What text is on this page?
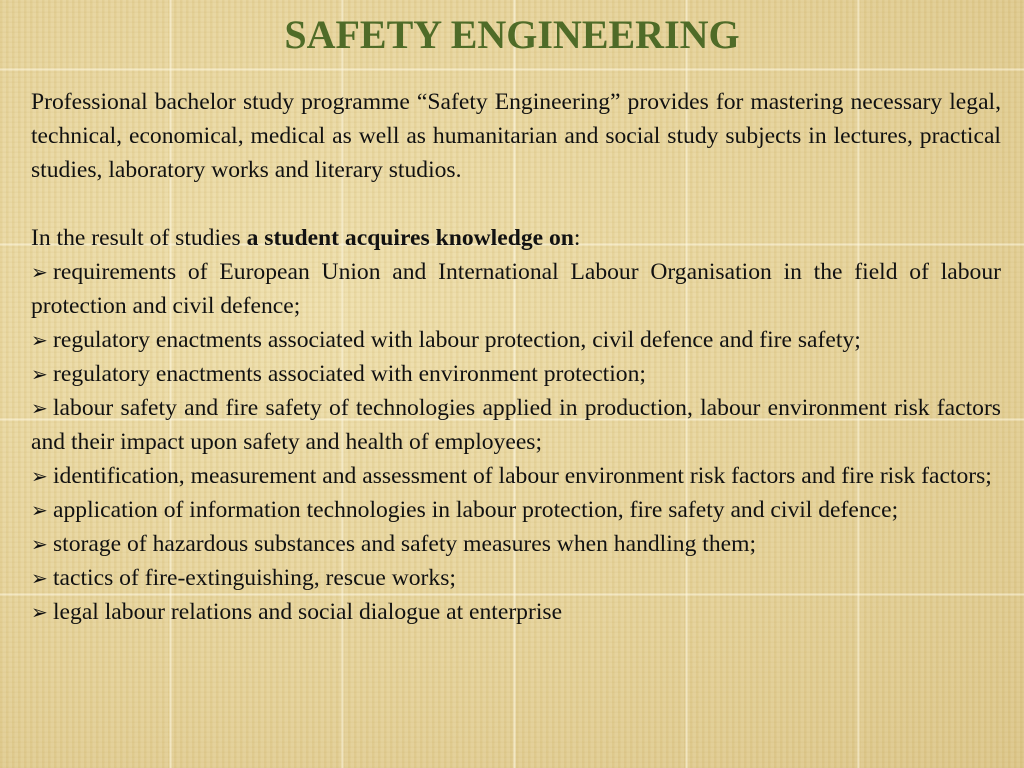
SAFETY ENGINEERING

Professional bachelor study programme “Safety Engineering” provides for mastering necessary legal, technical, economical, medical as well as humanitarian and social study subjects in lectures, practical studies, laboratory works and literary studios.

In the result of studies a student acquires knowledge on:

➢ requirements of European Union and International Labour Organisation in the field of labour protection and civil defence;
➢ regulatory enactments associated with labour protection, civil defence and fire safety;
➢ regulatory enactments associated with environment protection;
➢ labour safety and fire safety of technologies applied in production, labour environment risk factors and their impact upon safety and health of employees;
➢ identification, measurement and assessment of labour environment risk factors and fire risk factors;
➢ application of information technologies in labour protection, fire safety and civil defence;
➢ storage of hazardous substances and safety measures when handling them;
➢ tactics of fire-extinguishing, rescue works;
➢ legal labour relations and social dialogue at enterprise
